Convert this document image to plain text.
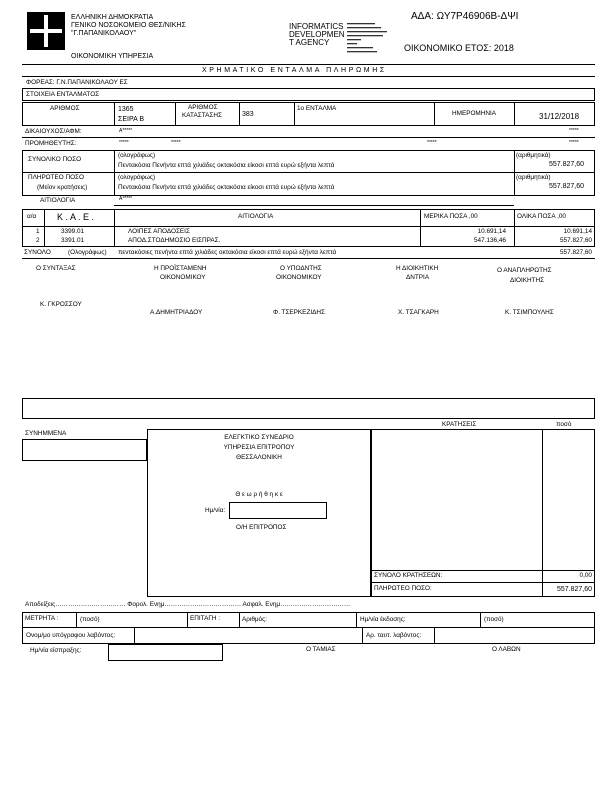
ΕΛΛΗΝΙΚΗ ΔΗΜΟΚΡΑΤΙΑ
ΓΕΝΙΚΟ ΝΟΣΟΚΟΜΕΙΟ ΘΕΣ/ΝΙΚΗΣ
"Γ.ΠΑΠΑΝΙΚΟΛΑΟΥ"
ΟΙΚΟΝΟΜΙΚΗ ΥΠΗΡΕΣΙΑ
INFORMATICS
DEVELOPMEN
T AGENCY
ΑΔΑ: ΩΥ7Ρ46906Β-ΔΨΙ
ΟΙΚΟΝΟΜΙΚΟ ΕΤΟΣ: 2018
ΧΡΗΜΑΤΙΚΟ ΕΝΤΑΛΜΑ ΠΛΗΡΩΜΗΣ
ΦΟΡΕΑΣ: Γ.Ν.ΠΑΠΑΝΙΚΟΛΑΟΥ ΕΣ
ΣΤΟΙΧΕΙΑ ΕΝΤΑΛΜΑΤΟΣ
ΑΡΙΘΜΟΣ	1365
ΣΕΙΡΑ Β
ΑΡΙΘΜΟΣ
ΚΑΤΑΣΤΑΣΗΣ	383
1ο ΕΝΤΑΛΜΑ
ΗΜΕΡΟΜΗΝΙΑ	31/12/2018
ΔΙΚΑΙΟΥΧΟΣ/ΑΦΜ:	Α*****	*****
ΠΡΟΜΗΘΕΥΤΗΣ:	*****	*****	*****	*****
ΣΥΝΟΛΙΚΟ ΠΟΣΟ
(ολογράφως)
Πεντακόσια Πενήντα επτά χιλιάδες οκτακόσια είκοσι επτά ευρώ εξήντα λεπτά
(αριθμητικά)
557.827,60
ΠΛΗΡΩΤΕΟ ΠΟΣΟ
(Μείον κρατήσεις)
(ολογράφως)
Πεντακόσια Πενήντα επτά χιλιάδες οκτακόσια είκοσι επτά ευρώ εξήντα λεπτά
(αριθμητικά)
557.827,60
ΑΙΤΙΟΛΟΓΙΑ	Α*****
α/α Κ . Α . Ε .	ΑΙΤΙΟΛΟΓΙΑ	ΜΕΡΙΚΑ ΠΟΣΑ ,00	ΟΛΙΚΑ ΠΟΣΑ ,00
1	3399.01	ΛΟΙΠΕΣ ΑΠΟΔΟΣΕΙΣ	10.691,14	10.691,14
2	3391.01	ΑΠΟΔ.ΣΤΟΔΗΜΟΣΙΟ ΕΙΣΠΡΑΣ.	547.136,46	557.827,60
ΣΥΝΟΛΟ	(Ολογράφως) πεντακόσιες πενήντα επτά χιλιάδες οκτακόσια είκοσι επτά ευρώ εξήντα λεπτά	557.827,60
Ο ΣΥΝΤΑΞΑΣ	Η ΠΡΟΪΣΤΑΜΕΝΗ
ΟΙΚΟΝΟΜΙΚΟΥ
Ο ΥΠΟΔΝΤΗΣ
ΟΙΚΟΝΟΜΙΚΟΥ
Η ΔΙΟΙΚΗΤΙΚΗ
ΔΝΤΡΙΑ
Ο ΑΝΑΠΛΗΡΩΤΗΣ
ΔΙΟΙΚΗΤΗΣ
Κ. ΓΚΡΟΣΣΟΥ
Α.ΔΗΜΗΤΡΙΑΔΟΥ	Φ. ΤΣΕΡΚΕΖΙΔΗΣ	Χ. ΤΣΑΓΚΑΡΗ	Κ. ΤΣΙΜΠΟΥΛΗΣ
ΣΥΝΗΜΜΕΝΑ
ΕΛΕΓΚΤΙΚΟ ΣΥΝΕΔΡΙΟ
ΥΠΗΡΕΣΙΑ ΕΠΙΤΡΟΠΟΥ
ΘΕΣΣΑΛΟΝΙΚΗ
Θ ε ω ρ ή θ η κ ε
Ημ/νία:
Ο/Η ΕΠΙΤΡΟΠΟΣ
ΚΡΑΤΗΣΕΙΣ	ποσό
ΣΥΝΟΛΟ ΚΡΑΤΗΣΕΩΝ:	0,00
ΠΛΗΡΩΤΕΟ ΠΟΣΟ:	557.827,60
Αποδείξεις…………………………… Φορολ. Ενημ……………………………… Ασφαλ. Ενημ……………………………
ΜΕΤΡΗΤΑ :	(ποσό)	ΕΠΙΤΑΓΗ :	Αριθμός:	Ημ/νία έκδοσης:	(ποσό)
Ονομ/μο υπόγραφου λαβόντος:	Αρ. ταυτ. λαβόντος:
Ημ/νία είσπραξης:	Ο ΤΑΜΙΑΣ	Ο ΛΑΒΩΝ
